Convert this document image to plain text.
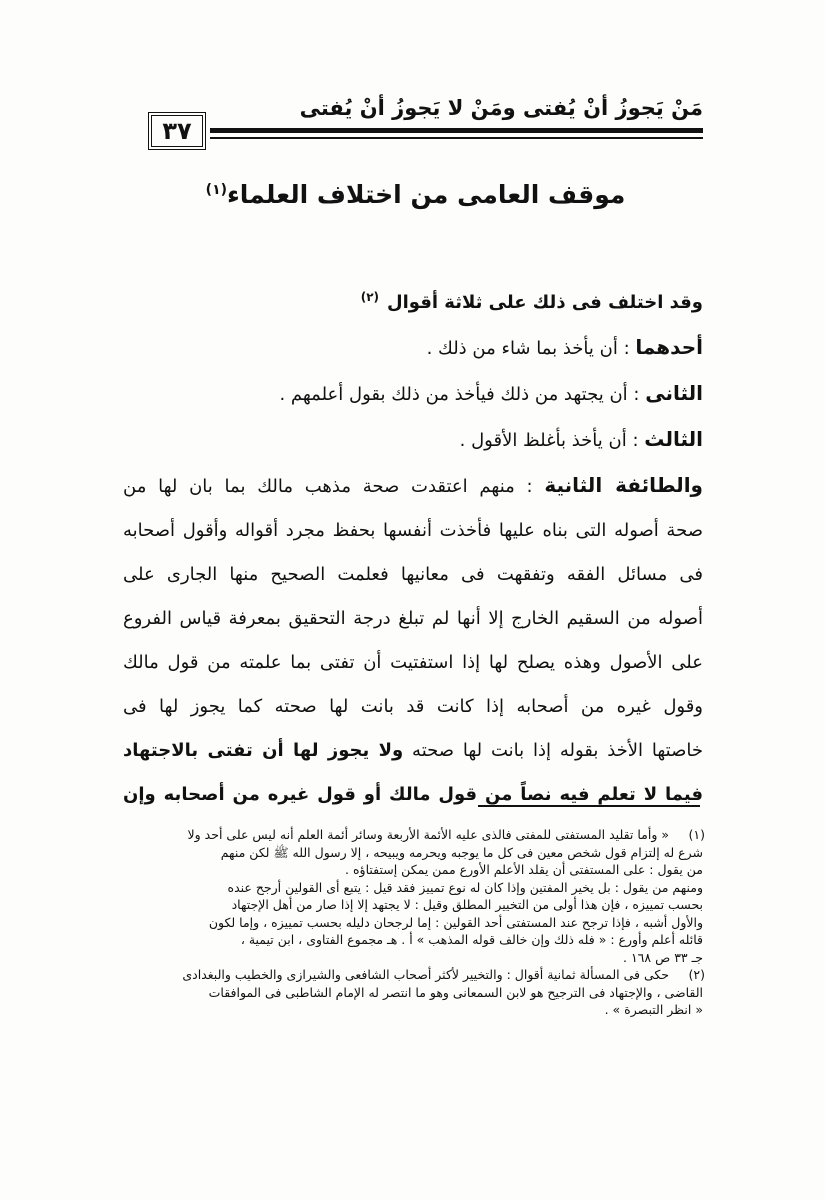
مَنْ يَجوزُ أنْ يُفتى ومَنْ لا يَجوزُ أنْ يُفتى
٣٧
موقف العامى من اختلاف العلماء$^{(١)}$
وقد اختلف فى ذلك على ثلاثة أقوال$^{(٢)}$
أحدهما : أن يأخذ بما شاء من ذلك .
الثانى : أن يجتهد من ذلك فيأخذ من ذلك بقول أعلمهم .
الثالث : أن يأخذ بأغلظ الأقول .
والطائفة الثانية : منهم اعتقدت صحة مذهب مالك بما بان لها من
صحة أصوله التى بناه عليها فأخذت أنفسها بحفظ مجرد أقواله وأقول أصحابه
فى مسائل الفقه وتفقهت فى معانيها فعلمت الصحيح منها الجارى على
أصوله من السقيم الخارج إلا أنها لم تبلغ درجة التحقيق بمعرفة قياس الفروع
على الأصول وهذه يصلح لها إذا استفتيت أن تفتى بما علمته من قول مالك
وقول غيره من أصحابه إذا كانت قد بانت لها صحته كما يجوز لها فى
خاصتها الأخذ بقوله إذا بانت لها صحته ولا يجوز لها أن تفتى بالاجتهاد
فيما لا تعلم فيه نصاً من قول مالك أو قول غيره من أصحابه وإن
(١)
« وأما تقليد المستفتى للمفتى فالذى عليه الأئمة الأربعة وسائر أئمة العلم أنه ليس على أحد ولا
شرع له إلتزام قول شخص معين فى كل ما يوجبه ويحرمه ويبيحه ، إلا رسول الله ﷺ لكن منهم
من يقول : على المستفتى أن يقلد الأعلم الأورع ممن يمكن إستفتاؤه .
ومنهم من يقول : بل يخير المفتين وإذا كان له نوع تمييز فقد قيل : يتبع أى القولين أرجح عنده
بحسب تمييزه ، فإن هذا أولى من التخيير المطلق وقيل : لا يجتهد إلا إذا صار من أهل الإجتهاد
والأول أشبه ، فإذا ترجح عند المستفتى أحد القولين : إما لرجحان دليله بحسب تمييزه ، وإما لكون
قائله أعلم وأورع : « فله ذلك وإن خالف قوله المذهب » أ . هـ مجموع الفتاوى ، ابن تيمية ،
جـ ٣٣ ص ١٦٨ .
(٢)
حكى فى المسألة ثمانية أقوال : والتخيير لأكثر أصحاب الشافعى والشيرازى والخطيب والبغدادى
القاضى ، والإجتهاد فى الترجيح هو لابن السمعانى وهو ما انتصر له الإمام الشاطبى فى الموافقات
« انظر التبصرة » .
